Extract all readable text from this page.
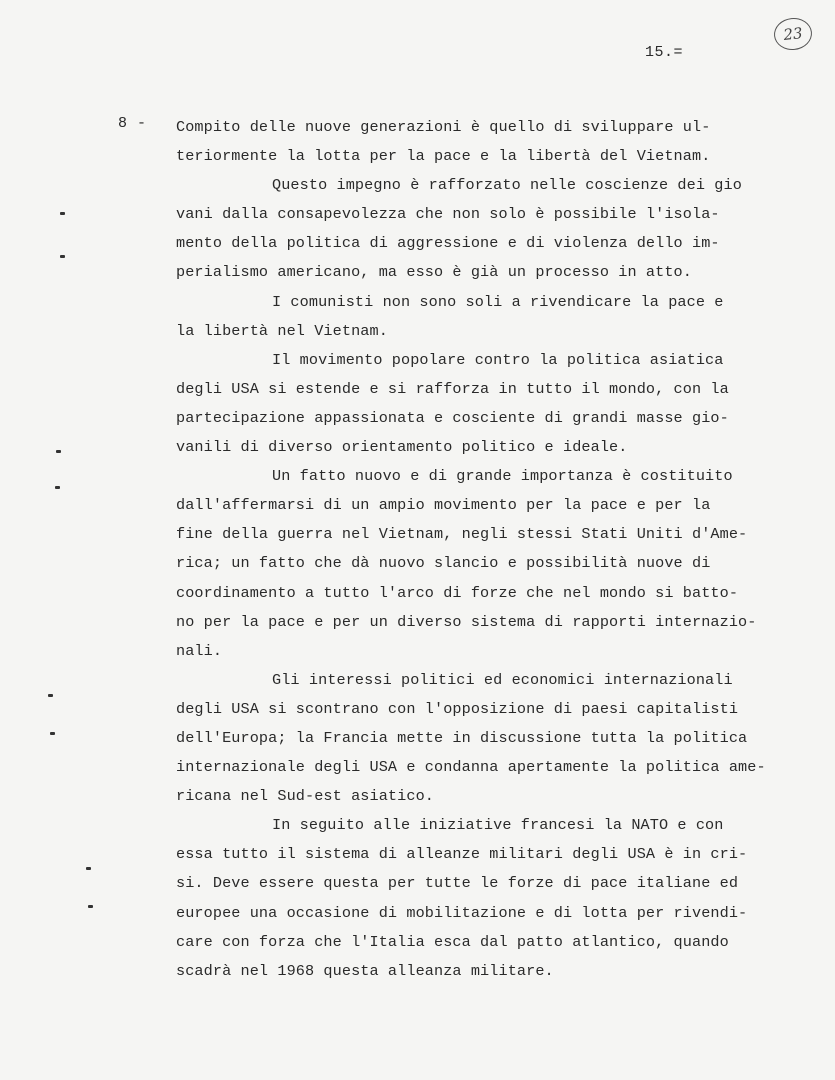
23
15.=
8 - Compito delle nuove generazioni è quello di sviluppare ul-
teriormente la lotta per la pace e la libertà del Vietnam.
Questo impegno è rafforzato nelle coscienze dei gio
vani dalla consapevolezza che non solo è possibile l'isola-
mento della politica di aggressione e di violenza dello im-
perialismo americano, ma esso è già un processo in atto.
I comunisti non sono soli a rivendicare la pace e
la libertà nel Vietnam.
Il movimento popolare contro la politica asiatica
degli USA si estende e si rafforza in tutto il mondo, con la
partecipazione appassionata e cosciente di grandi masse gio-
vanili di diverso orientamento politico e ideale.
Un fatto nuovo e di grande importanza è costituito
dall'affermarsi di un ampio movimento per la pace e per la
fine della guerra nel Vietnam, negli stessi Stati Uniti d'Ame-
rica; un fatto che dà nuovo slancio e possibilità nuove di
coordinamento a tutto l'arco di forze che nel mondo si batto-
no per la pace e per un diverso sistema di rapporti internazio-
nali.
Gli interessi politici ed economici internazionali
degli USA si scontrano con l'opposizione di paesi capitalisti
dell'Europa; la Francia mette in discussione tutta la politica
internazionale degli USA e condanna apertamente la politica ame-
ricana nel Sud-est asiatico.
In seguito alle iniziative francesi la NATO e con
essa tutto il sistema di alleanze militari degli USA è in cri-
si. Deve essere questa per tutte le forze di pace italiane ed
europee una occasione di mobilitazione e di lotta per rivendi-
care con forza che l'Italia esca dal patto atlantico, quando
scadrà nel 1968 questa alleanza militare.
